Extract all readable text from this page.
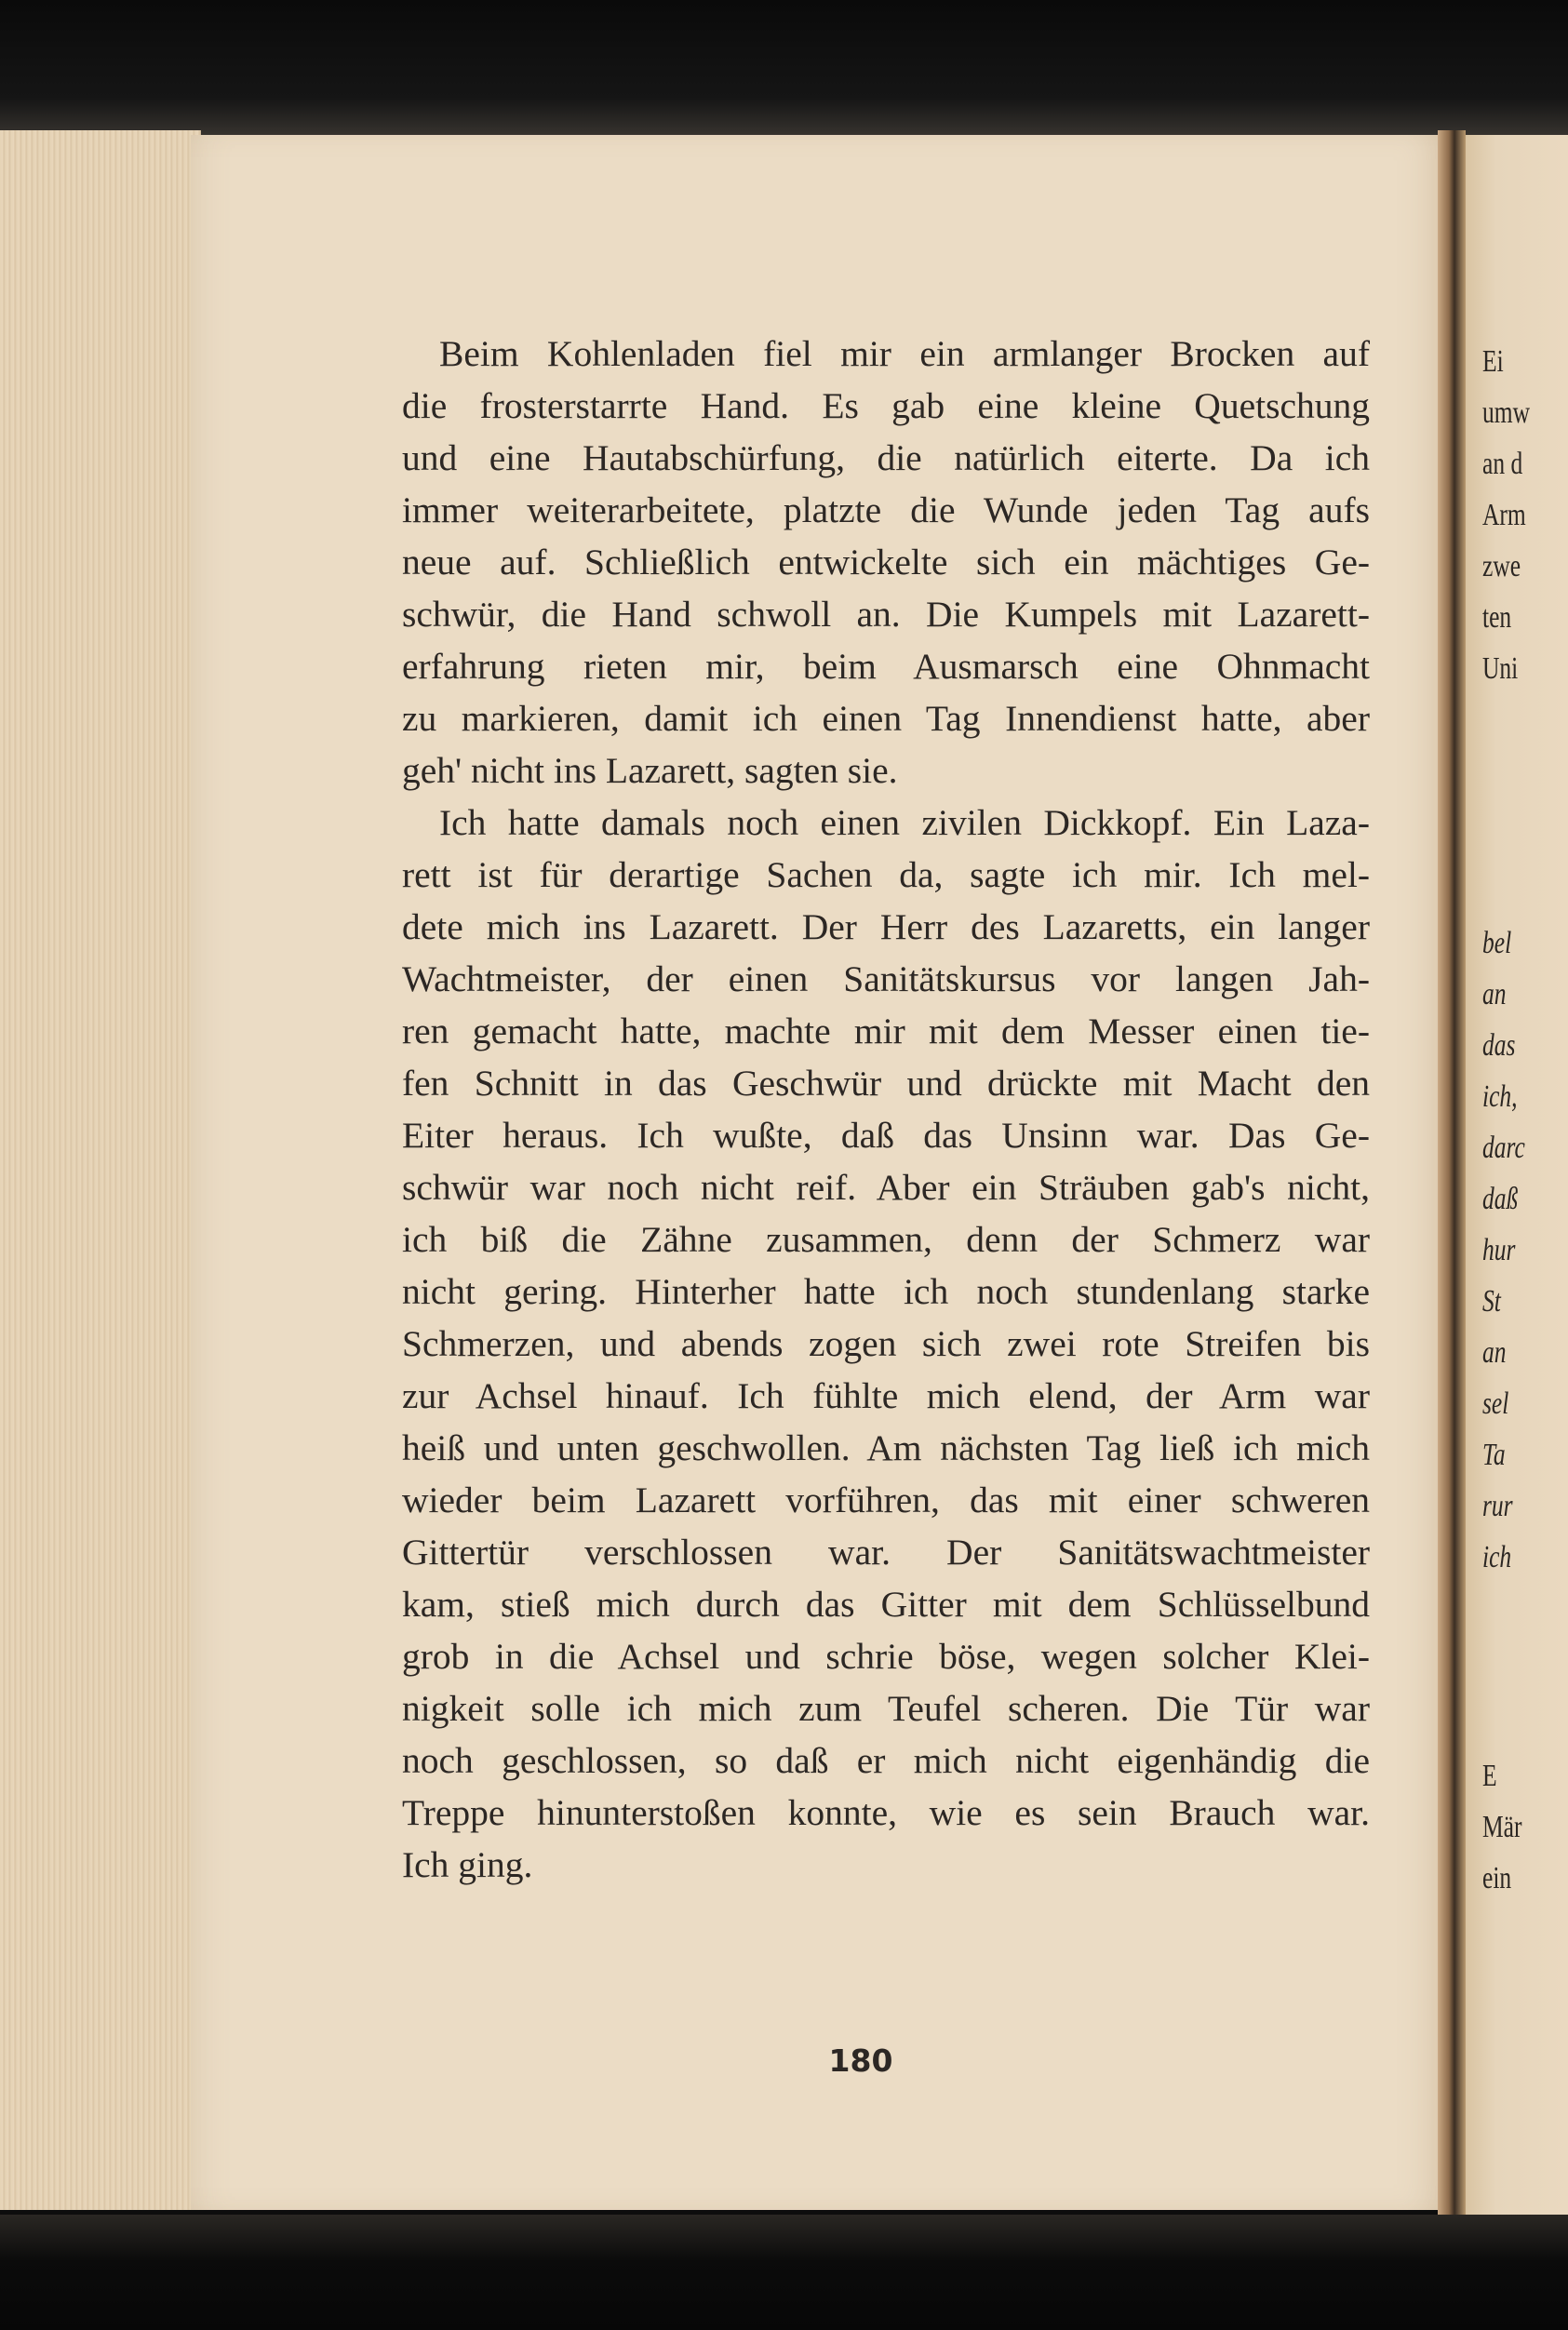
Beim Kohlenladen fiel mir ein armlanger Brocken auf
die frosterstarrte Hand. Es gab eine kleine Quetschung
und eine Hautabschürfung, die natürlich eiterte. Da ich
immer weiterarbeitete, platzte die Wunde jeden Tag aufs
neue auf. Schließlich entwickelte sich ein mächtiges Ge-
schwür, die Hand schwoll an. Die Kumpels mit Lazarett-
erfahrung rieten mir, beim Ausmarsch eine Ohnmacht
zu markieren, damit ich einen Tag Innendienst hatte, aber
geh' nicht ins Lazarett, sagten sie.
Ich hatte damals noch einen zivilen Dickkopf. Ein Laza-
rett ist für derartige Sachen da, sagte ich mir. Ich mel-
dete mich ins Lazarett. Der Herr des Lazaretts, ein langer
Wachtmeister, der einen Sanitätskursus vor langen Jah-
ren gemacht hatte, machte mir mit dem Messer einen tie-
fen Schnitt in das Geschwür und drückte mit Macht den
Eiter heraus. Ich wußte, daß das Unsinn war. Das Ge-
schwür war noch nicht reif. Aber ein Sträuben gab's nicht,
ich biß die Zähne zusammen, denn der Schmerz war
nicht gering. Hinterher hatte ich noch stundenlang starke
Schmerzen, und abends zogen sich zwei rote Streifen bis
zur Achsel hinauf. Ich fühlte mich elend, der Arm war
heiß und unten geschwollen. Am nächsten Tag ließ ich mich
wieder beim Lazarett vorführen, das mit einer schweren
Gittertür verschlossen war. Der Sanitätswachtmeister
kam, stieß mich durch das Gitter mit dem Schlüsselbund
grob in die Achsel und schrie böse, wegen solcher Klei-
nigkeit solle ich mich zum Teufel scheren. Die Tür war
noch geschlossen, so daß er mich nicht eigenhändig die
Treppe hinunterstoßen konnte, wie es sein Brauch war.
Ich ging.
180
Ei
umw
an d
Arm
zwe
ten
Uni
bel
an
das
ich,
darc
daß
hur
St
an
sel
Ta
rur
ich
E
Mär
ein
